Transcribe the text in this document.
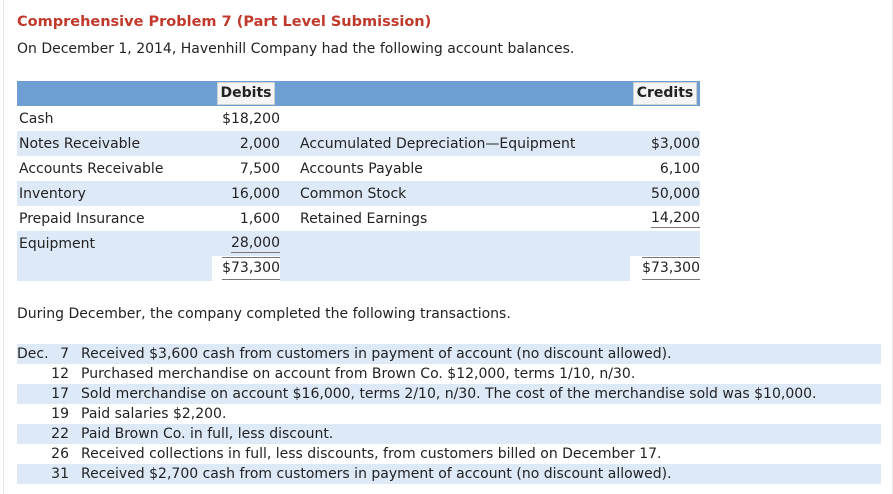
Comprehensive Problem 7 (Part Level Submission)
On December 1, 2014, Havenhill Company had the following account balances.
	Debits			Credits
Cash	$18,200			
Notes Receivable	2,000		Accumulated Depreciation—Equipment	$3,000
Accounts Receivable	7,500		Accounts Payable	6,100
Inventory	16,000		Common Stock	50,000
Prepaid Insurance	1,600		Retained Earnings	14,200
Equipment	28,000			
	$73,300			$73,300
During December, the company completed the following transactions.
Dec. 7 Received $3,600 cash from customers in payment of account (no discount allowed).
12 Purchased merchandise on account from Brown Co. $12,000, terms 1/10, n/30.
17 Sold merchandise on account $16,000, terms 2/10, n/30. The cost of the merchandise sold was $10,000.
19 Paid salaries $2,200.
22 Paid Brown Co. in full, less discount.
26 Received collections in full, less discounts, from customers billed on December 17.
31 Received $2,700 cash from customers in payment of account (no discount allowed).
